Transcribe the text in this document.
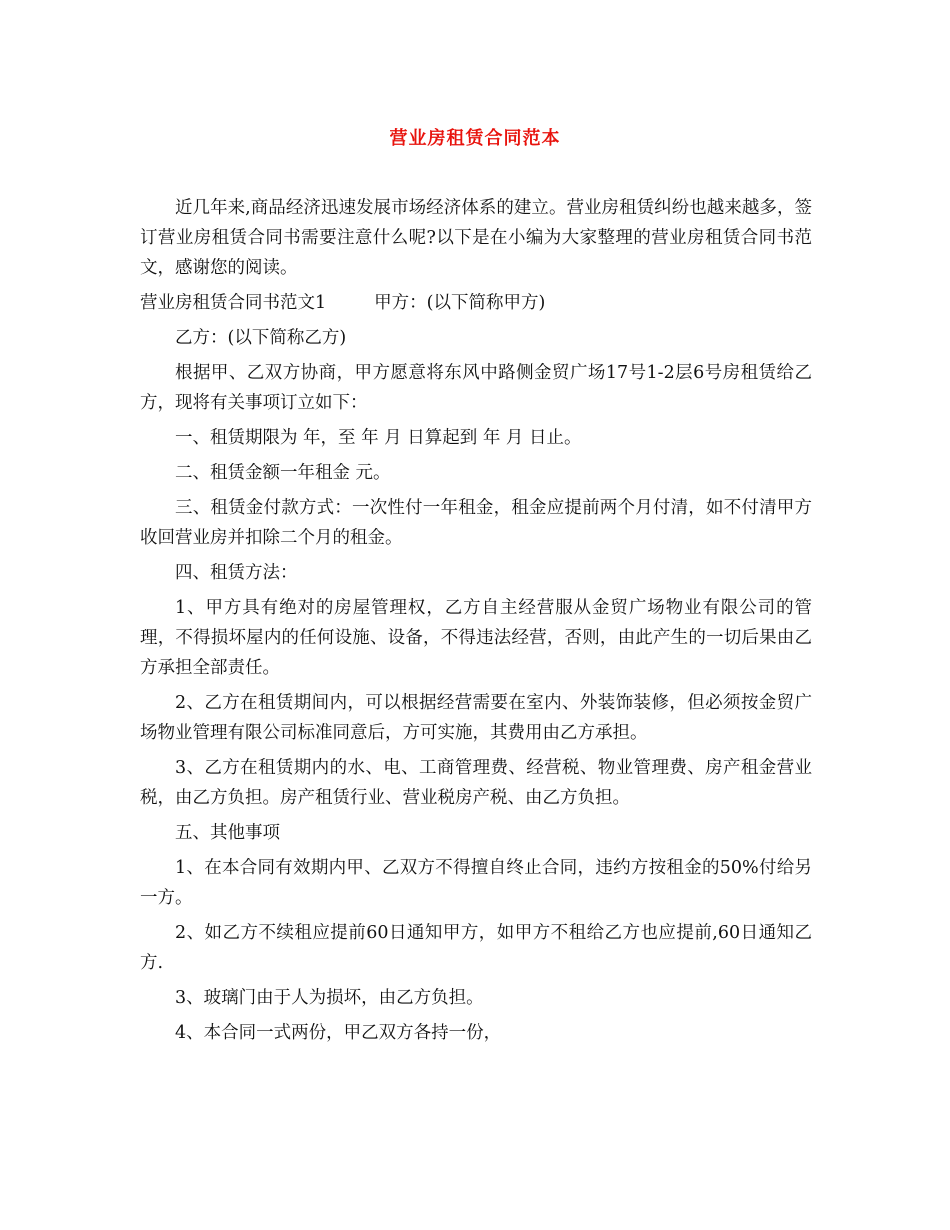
营业房租赁合同范本

近几年来,商品经济迅速发展市场经济体系的建立。营业房租赁纠纷也越来越多，签订营业房租赁合同书需要注意什么呢?以下是在小编为大家整理的营业房租赁合同书范文，感谢您的阅读。

营业房租赁合同书范文1	甲方：(以下简称甲方)

乙方：(以下简称乙方)

根据甲、乙双方协商，甲方愿意将东风中路侧金贸广场17号1-2层6号房租赁给乙方，现将有关事项订立如下：

一、租赁期限为 年，至 年 月 日算起到 年 月 日止。

二、租赁金额一年租金 元。

三、租赁金付款方式：一次性付一年租金，租金应提前两个月付清，如不付清甲方收回营业房并扣除二个月的租金。

四、租赁方法：

1、甲方具有绝对的房屋管理权，乙方自主经营服从金贸广场物业有限公司的管理，不得损坏屋内的任何设施、设备，不得违法经营，否则，由此产生的一切后果由乙方承担全部责任。

2、乙方在租赁期间内，可以根据经营需要在室内、外装饰装修，但必须按金贸广场物业管理有限公司标准同意后，方可实施，其费用由乙方承担。

3、乙方在租赁期内的水、电、工商管理费、经营税、物业管理费、房产租金营业税，由乙方负担。房产租赁行业、营业税房产税、由乙方负担。

五、其他事项

1、在本合同有效期内甲、乙双方不得擅自终止合同，违约方按租金的50%付给另一方。

2、如乙方不续租应提前60日通知甲方，如甲方不租给乙方也应提前,60日通知乙方.

3、玻璃门由于人为损坏，由乙方负担。

4、本合同一式两份，甲乙双方各持一份，
